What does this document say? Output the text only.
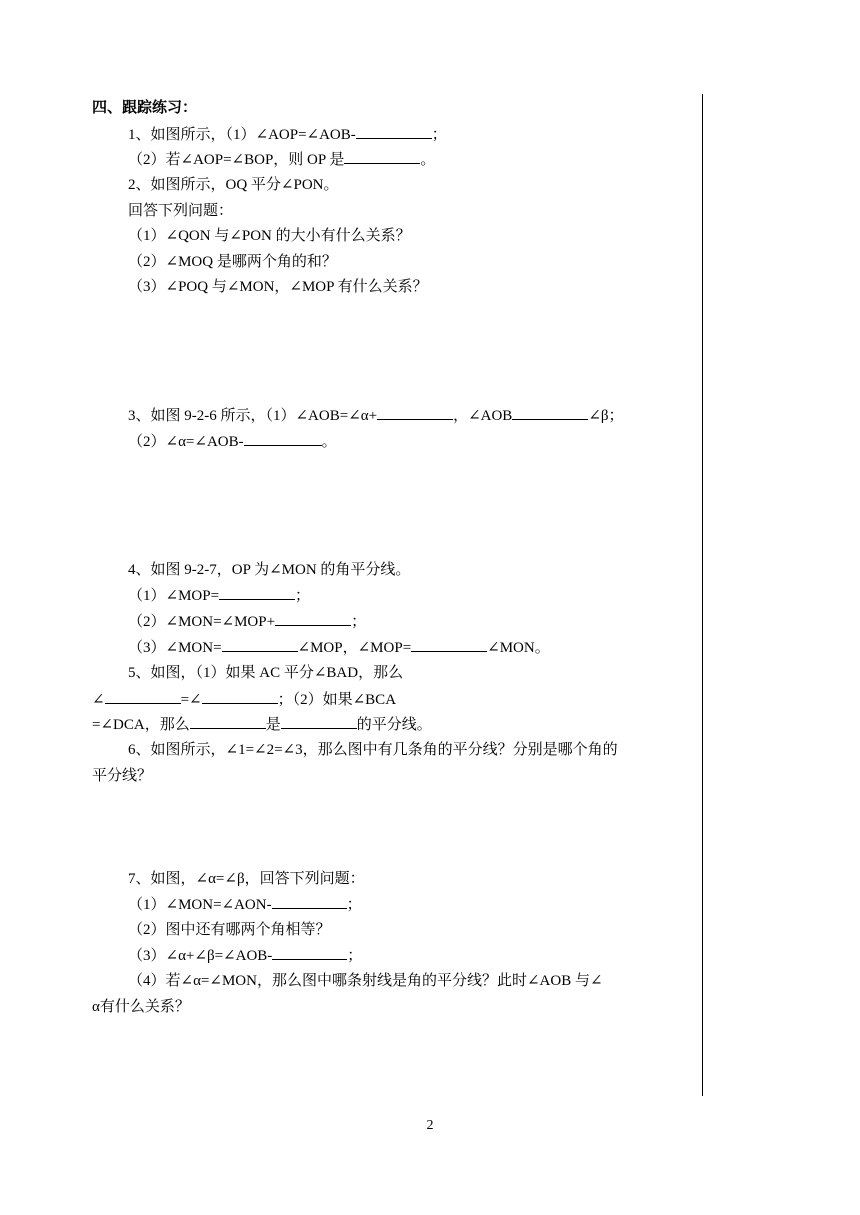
四、跟踪练习：
1、如图所示，（1）∠AOP=∠AOB-	；
（2）若∠AOP=∠BOP，则 OP 是	。
2、如图所示，OQ 平分∠PON。
回答下列问题：
（1）∠QON 与∠PON 的大小有什么关系？
（2）∠MOQ 是哪两个角的和？
（3）∠POQ 与∠MON，∠MOP 有什么关系？
3、如图 9-2-6 所示，（1）∠AOB=∠α+	，∠AOB	∠β；
（2）∠α=∠AOB-	。
4、如图 9-2-7，OP 为∠MON 的角平分线。
（1）∠MOP=	；
（2）∠MON=∠MOP+	；
（3）∠MON=	∠MOP，∠MOP=	∠MON。
5、如图，（1）如果 AC 平分∠BAD，那么
∠	=∠	；（2）如果∠BCA
=∠DCA，那么	是	的平分线。
6、如图所示，∠1=∠2=∠3，那么图中有几条角的平分线？分别是哪个角的
平分线？
7、如图，∠α=∠β，回答下列问题：
（1）∠MON=∠AON-	；
（2）图中还有哪两个角相等？
（3）∠α+∠β=∠AOB-	；
（4）若∠α=∠MON，那么图中哪条射线是角的平分线？此时∠AOB 与∠
α有什么关系？
2
